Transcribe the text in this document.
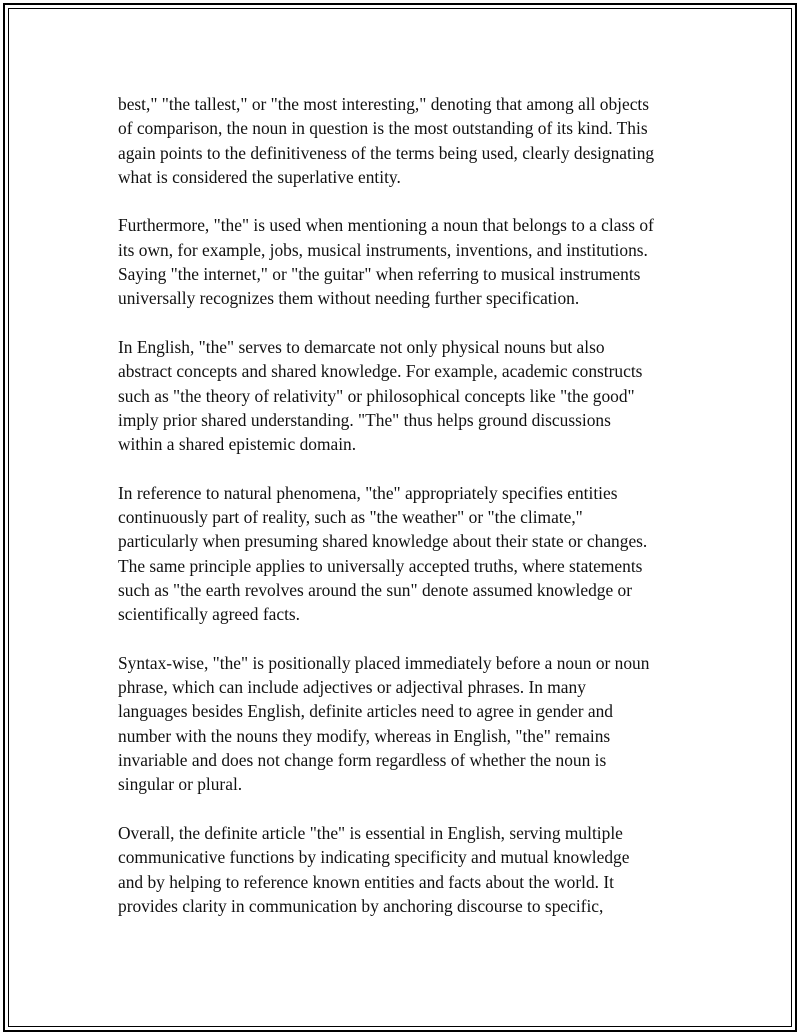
best," "the tallest," or "the most interesting," denoting that among all objects
of comparison, the noun in question is the most outstanding of its kind. This
again points to the definitiveness of the terms being used, clearly designating
what is considered the superlative entity.

Furthermore, "the" is used when mentioning a noun that belongs to a class of
its own, for example, jobs, musical instruments, inventions, and institutions.
Saying "the internet," or "the guitar" when referring to musical instruments
universally recognizes them without needing further specification.

In English, "the" serves to demarcate not only physical nouns but also
abstract concepts and shared knowledge. For example, academic constructs
such as "the theory of relativity" or philosophical concepts like "the good"
imply prior shared understanding. "The" thus helps ground discussions
within a shared epistemic domain.

In reference to natural phenomena, "the" appropriately specifies entities
continuously part of reality, such as "the weather" or "the climate,"
particularly when presuming shared knowledge about their state or changes.
The same principle applies to universally accepted truths, where statements
such as "the earth revolves around the sun" denote assumed knowledge or
scientifically agreed facts.

Syntax-wise, "the" is positionally placed immediately before a noun or noun
phrase, which can include adjectives or adjectival phrases. In many
languages besides English, definite articles need to agree in gender and
number with the nouns they modify, whereas in English, "the" remains
invariable and does not change form regardless of whether the noun is
singular or plural.

Overall, the definite article "the" is essential in English, serving multiple
communicative functions by indicating specificity and mutual knowledge
and by helping to reference known entities and facts about the world. It
provides clarity in communication by anchoring discourse to specific,
